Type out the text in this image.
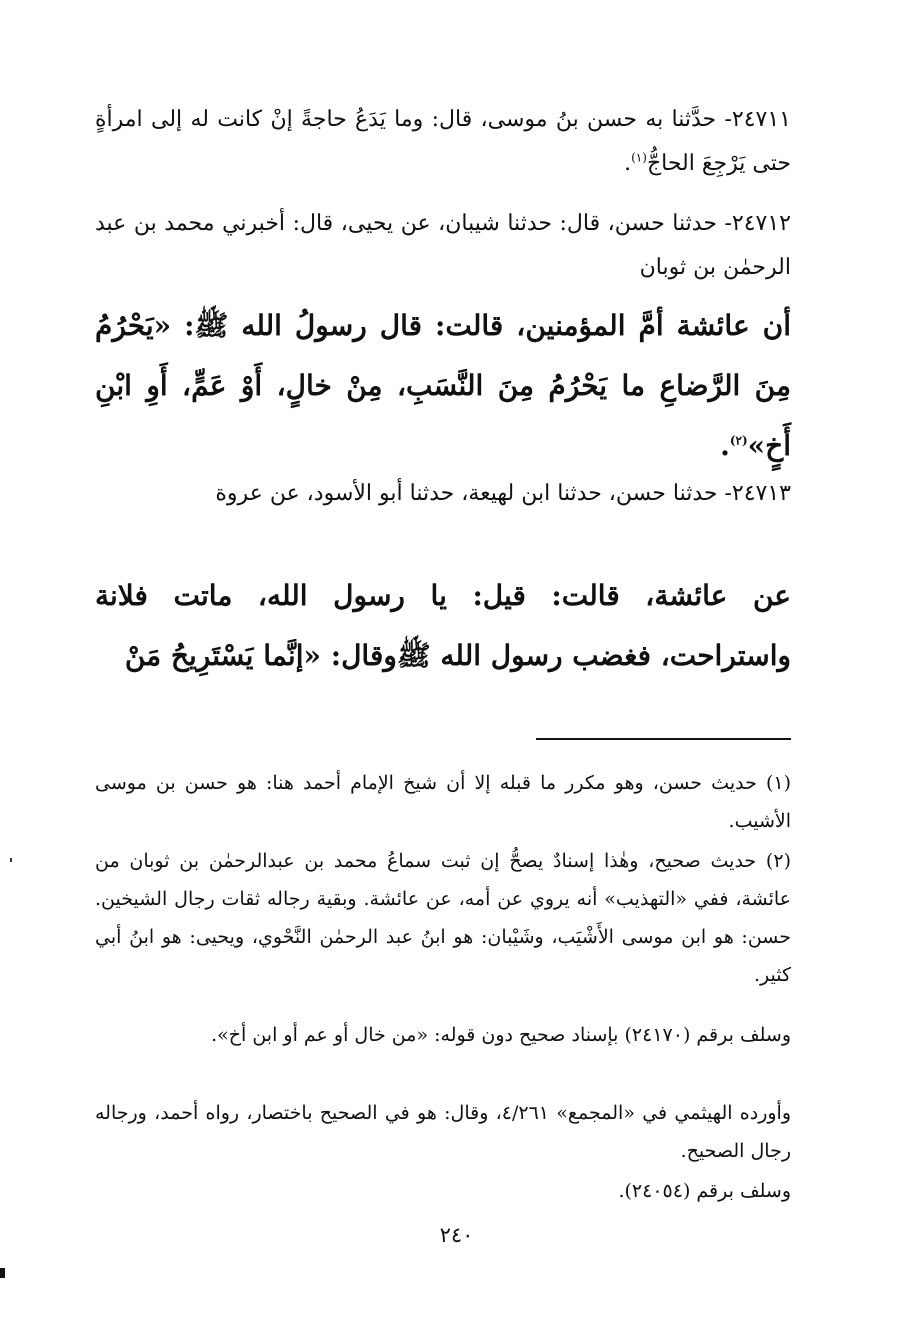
٢٤٧١١- حدَّثنا به حسن بنُ موسى، قال: وما يَدَعُ حاجةً إنْ كانت له إلى امرأةٍ حتى يَرْجِعَ الحاجُّ$^{(١)}$.
٢٤٧١٢- حدثنا حسن، قال: حدثنا شيبان، عن يحيى، قال: أخبرني محمد بن عبد الرحمٰن بن ثوبان
أن عائشة أمَّ المؤمنين، قالت: قال رسولُ الله ﷺ: «يَحْرُمُ مِنَ الرَّضاعِ ما يَحْرُمُ مِنَ النَّسَبِ، مِنْ خالٍ، أَوْ عَمٍّ، أَوِ ابْنِ أَخٍ»$^{(٢)}$.
٢٤٧١٣- حدثنا حسن، حدثنا ابن لهيعة، حدثنا أبو الأسود، عن عروة
عن عائشة، قالت: قيل: يا رسول الله، ماتت فلانة واستراحت، فغضب رسول الله ﷺوقال: «إنَّما يَسْتَرِيحُ مَنْ
(١) حديث حسن، وهو مكرر ما قبله إلا أن شيخ الإمام أحمد هنا: هو حسن بن موسى الأشيب.
(٢) حديث صحيح، وهٰذا إسنادٌ يصحُّ إن ثبت سماعُ محمد بن عبدالرحمٰن بن ثوبان من عائشة، ففي «التهذيب» أنه يروي عن أمه، عن عائشة. وبقية رجاله ثقات رجال الشيخين. حسن: هو ابن موسى الأَشْيَب، وشَيْبان: هو ابنُ عبد الرحمٰن النَّحْوي، ويحيى: هو ابنُ أبي كثير.
وسلف برقم (٢٤١٧٠) بإسناد صحيح دون قوله: «من خال أو عم أو ابن أخ».
وأورده الهيثمي في «المجمع» ٤/٢٦١، وقال: هو في الصحيح باختصار، رواه أحمد، ورجاله رجال الصحيح.
وسلف برقم (٢٤٠٥٤).
٢٤٠
